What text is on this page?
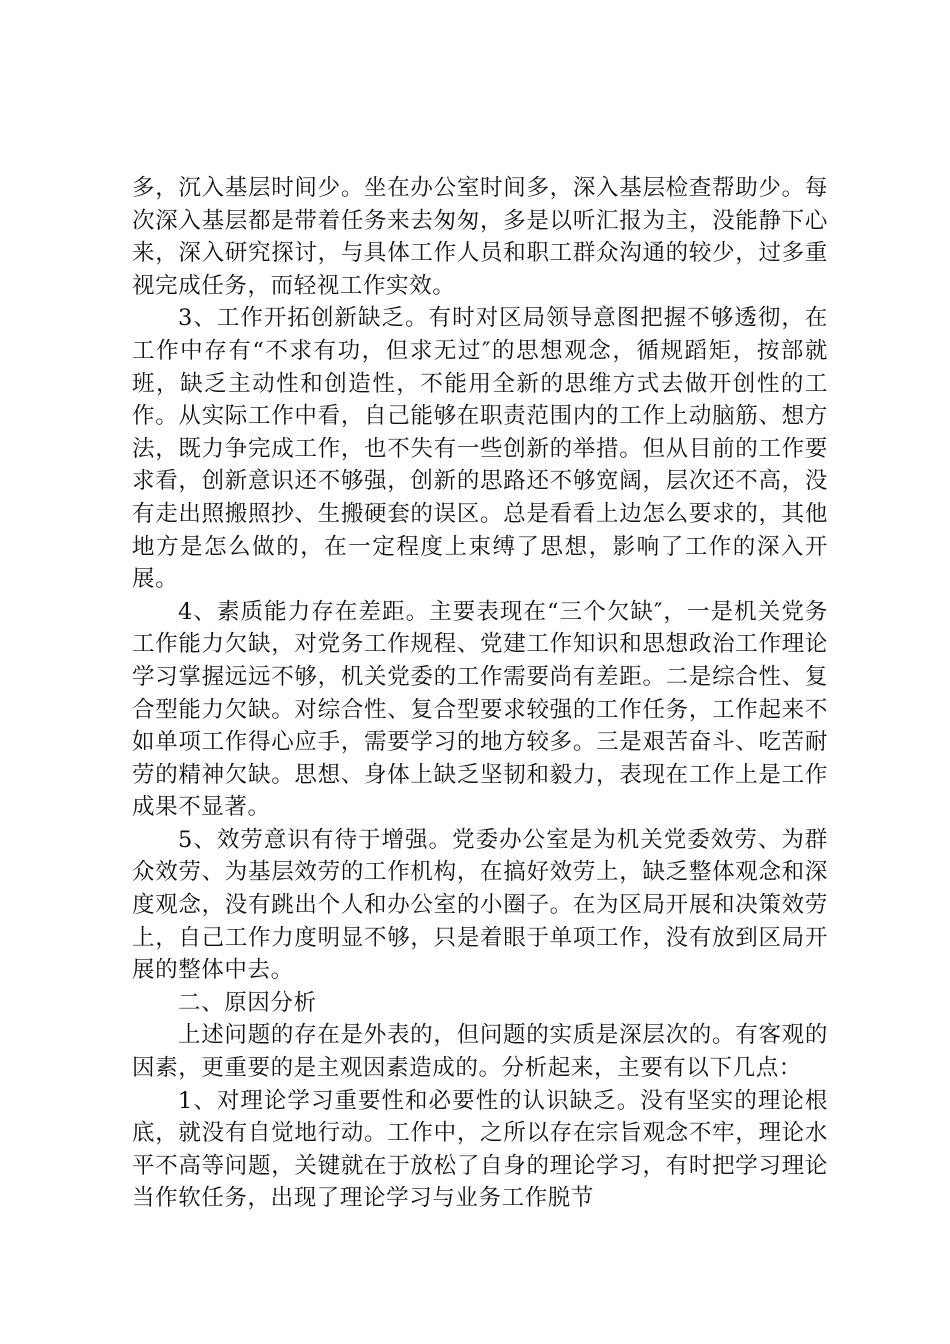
多，沉入基层时间少。坐在办公室时间多，深入基层检查帮助少。每次深入基层都是带着任务来去匆匆，多是以听汇报为主，没能静下心来，深入研究探讨，与具体工作人员和职工群众沟通的较少，过多重视完成任务，而轻视工作实效。

3、工作开拓创新缺乏。有时对区局领导意图把握不够透彻，在工作中存有“不求有功，但求无过″的思想观念，循规蹈矩，按部就班，缺乏主动性和创造性，不能用全新的思维方式去做开创性的工作。从实际工作中看，自己能够在职责范围内的工作上动脑筋、想方法，既力争完成工作，也不失有一些创新的举措。但从目前的工作要求看，创新意识还不够强，创新的思路还不够宽阔，层次还不高，没有走出照搬照抄、生搬硬套的误区。总是看看上边怎么要求的，其他地方是怎么做的，在一定程度上束缚了思想，影响了工作的深入开展。

4、素质能力存在差距。主要表现在“三个欠缺″，一是机关党务工作能力欠缺，对党务工作规程、党建工作知识和思想政治工作理论学习掌握远远不够，机关党委的工作需要尚有差距。二是综合性、复合型能力欠缺。对综合性、复合型要求较强的工作任务，工作起来不如单项工作得心应手，需要学习的地方较多。三是艰苦奋斗、吃苦耐劳的精神欠缺。思想、身体上缺乏坚韧和毅力，表现在工作上是工作成果不显著。

5、效劳意识有待于增强。党委办公室是为机关党委效劳、为群众效劳、为基层效劳的工作机构，在搞好效劳上，缺乏整体观念和深度观念，没有跳出个人和办公室的小圈子。在为区局开展和决策效劳上，自己工作力度明显不够，只是着眼于单项工作，没有放到区局开展的整体中去。

二、原因分析

上述问题的存在是外表的，但问题的实质是深层次的。有客观的因素，更重要的是主观因素造成的。分析起来，主要有以下几点：

1、对理论学习重要性和必要性的认识缺乏。没有坚实的理论根底，就没有自觉地行动。工作中，之所以存在宗旨观念不牢，理论水平不高等问题，关键就在于放松了自身的理论学习，有时把学习理论当作软任务，出现了理论学习与业务工作脱节
